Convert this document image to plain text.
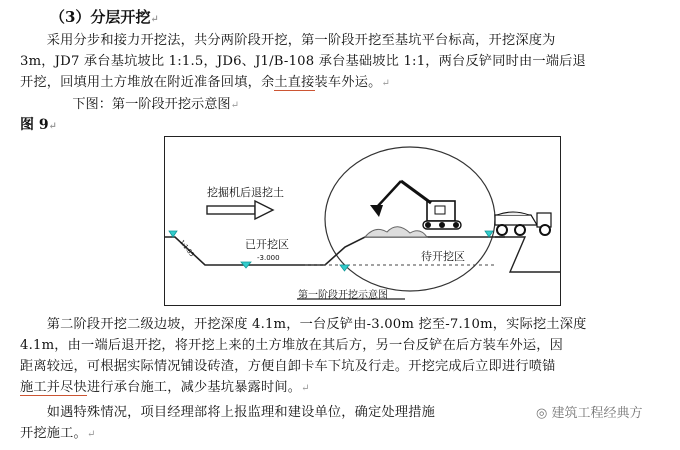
（3）分层开挖↵
　　采用分步和接力开挖法，共分两阶段开挖，第一阶段开挖至基坑平台标高，开挖深度为
3m，JD7 承台基坑坡比 1:1.5，JD6、J1/B-108 承台基础坡比 1:1，两台反铲同时由一端后退
开挖，回填用土方堆放在附近准备回填，余土直接装车外运。↵
　　下图：第一阶段开挖示意图↵
图 9↵
挖掘机后退挖土
已开挖区
-3.000
1:1.85	待开挖区
第一阶段开挖示意图
　　第二阶段开挖二级边坡，开挖深度 4.1m，一台反铲由-3.00m 挖至-7.10m，实际挖土深度
4.1m，由一端后退开挖，将开挖上来的土方堆放在其后方，另一台反铲在后方装车外运，因
距离较远，可根据实际情况铺设砖渣，方便自卸卡车下坑及行走。开挖完成后立即进行喷锚
施工并尽快进行承台施工，减少基坑暴露时间。↵
　　如遇特殊情况，项目经理部将上报监理和建设单位，确定处理措施
开挖施工。↵
◎ 建筑工程经典方
